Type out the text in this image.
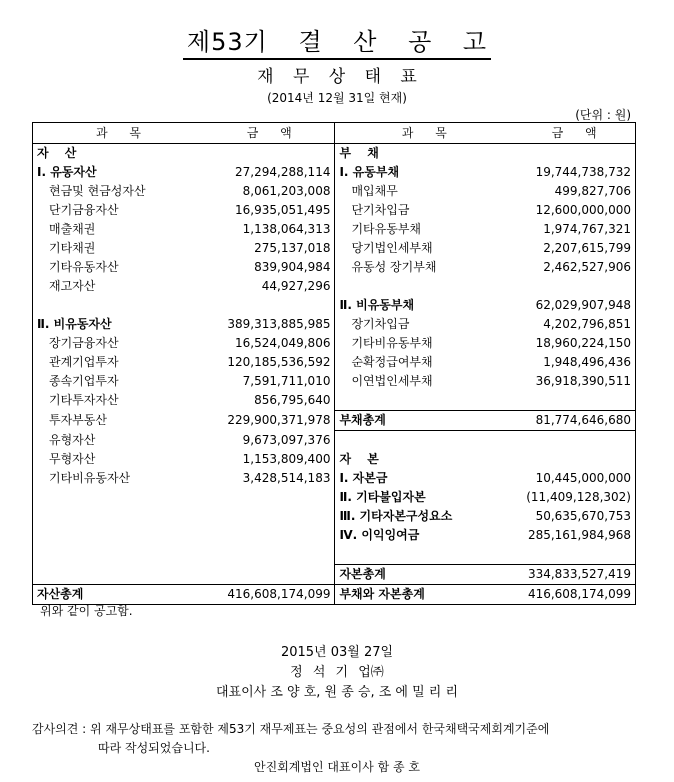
제53기 결 산 공 고
재 무 상 태 표
(2014년 12월 31일 현재)
(단위 : 원)
과 목	금 액	과 목	금 액
자 산		부 채	
Ⅰ. 유동자산	27,294,288,114	Ⅰ. 유동부채	19,744,738,732
현금및 현금성자산	8,061,203,008	매입채무	499,827,706
단기금융자산	16,935,051,495	단기차입금	12,600,000,000
매출채권	1,138,064,313	기타유동부채	1,974,767,321
기타채권	275,137,018	당기법인세부채	2,207,615,799
기타유동자산	839,904,984	유동성 장기부채	2,462,527,906
재고자산	44,927,296		
		Ⅱ. 비유동부채	62,029,907,948
Ⅱ. 비유동자산	389,313,885,985	장기차입금	4,202,796,851
장기금융자산	16,524,049,806	기타비유동부채	18,960,224,150
관계기업투자	120,185,536,592	순확정급여부채	1,948,496,436
종속기업투자	7,591,711,010	이연법인세부채	36,918,390,511
기타투자자산	856,795,640		
투자부동산	229,900,371,978	부채총계	81,774,646,680
유형자산	9,673,097,376		
무형자산	1,153,809,400	자 본	
기타비유동자산	3,428,514,183	Ⅰ. 자본금	10,445,000,000
		Ⅱ. 기타불입자본	(11,409,128,302)
		Ⅲ. 기타자본구성요소	50,635,670,753
		Ⅳ. 이익잉여금	285,161,984,968

		자본총계	334,833,527,419
자산총계	416,608,174,099	부채와 자본총계	416,608,174,099
위와 같이 공고함.
2015년 03월 27일
정 석 기 업㈜
대표이사 조 양 호, 원 종 승, 조 에 밀 리 리
감사의견 : 위 재무상태표를 포함한 제53기 재무제표는 중요성의 관점에서 한국채택국제회계기준에
따라 작성되었습니다.
안진회계법인 대표이사 함 종 호
